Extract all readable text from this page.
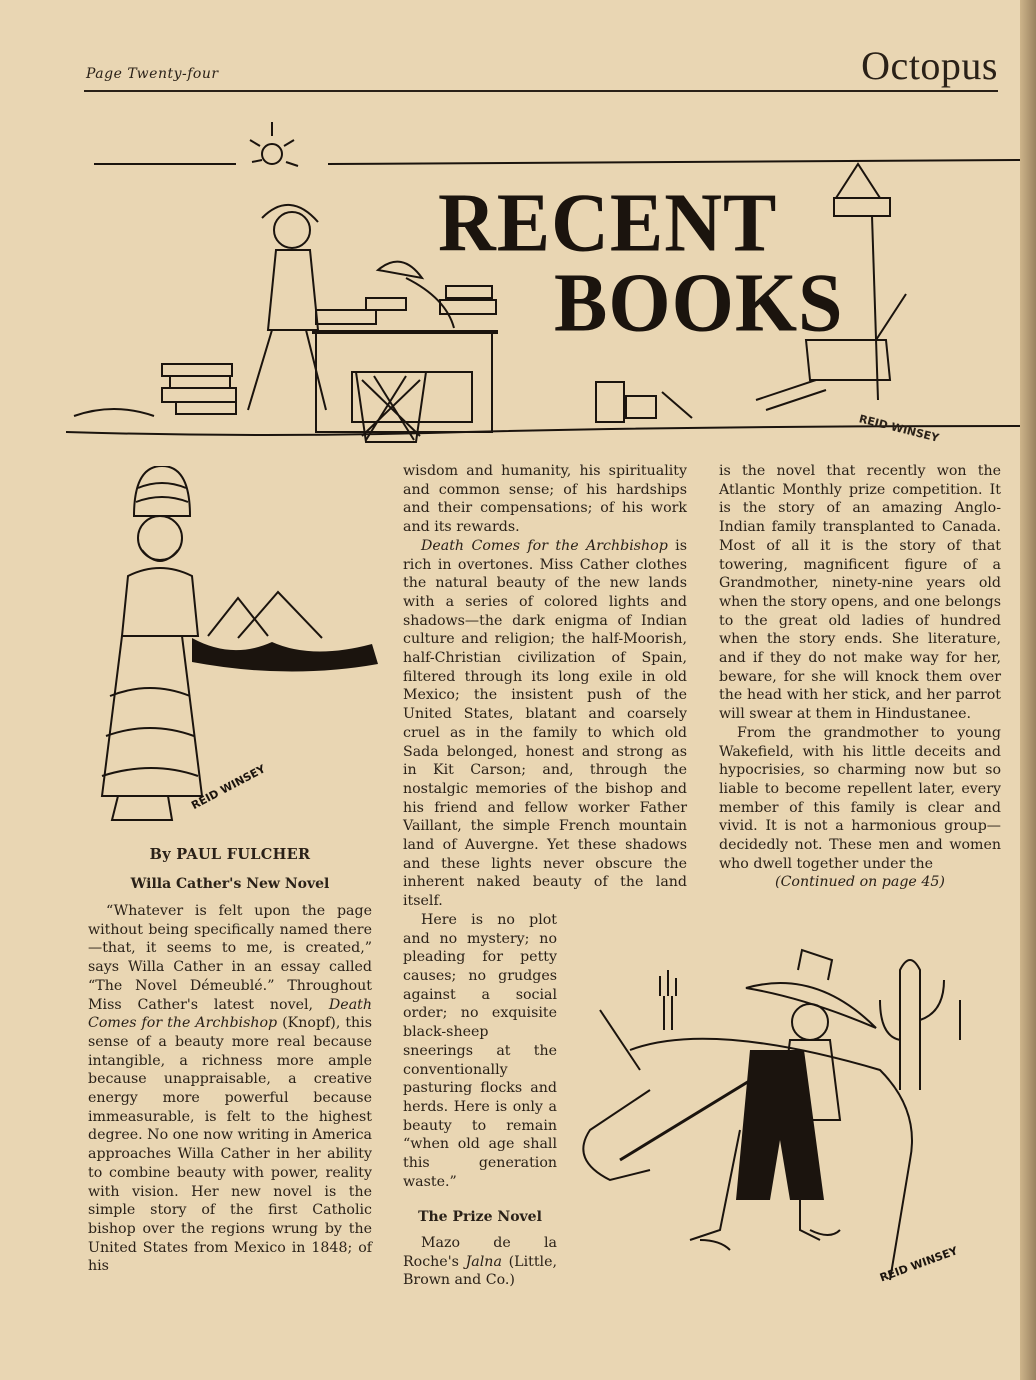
Page Twenty-four	Octopus
RECENT
BOOKS
REID WINSEY
REID WINSEY
By PAUL FULCHER
Willa Cather's New Novel

“Whatever is felt upon the page without being specifically named there—that, it seems to me, is created,” says Willa Cather in an essay called “The Novel Démeublé.” Throughout Miss Cather's latest novel, Death Comes for the Archbishop (Knopf), this sense of a beauty more real because intangible, a richness more ample because unappraisable, a creative energy more powerful because immeasurable, is felt to the highest degree. No one now writing in America approaches Willa Cather in her ability to combine beauty with power, reality with vision. Her new novel is the simple story of the first Catholic bishop over the regions wrung by the United States from Mexico in 1848; of his

wisdom and humanity, his spirituality and common sense; of his hardships and their compensations; of his work and its rewards.

Death Comes for the Archbishop is rich in overtones. Miss Cather clothes the natural beauty of the new lands with a series of colored lights and shadows—the dark enigma of Indian culture and religion; the half-Moorish, half-Christian civilization of Spain, filtered through its long exile in old Mexico; the insistent push of the United States, blatant and coarsely cruel as in the family to which old Sada belonged, honest and strong as in Kit Carson; and, through the nostalgic memories of the bishop and his friend and fellow worker Father Vaillant, the simple French mountain land of Auvergne. Yet these shadows and these lights never obscure the inherent naked beauty of the land itself.

Here is no plot and no mystery; no pleading for petty causes; no grudges against a social order; no exquisite black-sheep sneerings at the conventionally pasturing flocks and herds. Here is only a beauty to remain “when old age shall this generation waste.”

The Prize Novel

Mazo de la Roche's Jalna (Little, Brown and Co.)

is the novel that recently won the Atlantic Monthly prize competition. It is the story of an amazing Anglo-Indian family transplanted to Canada. Most of all it is the story of that towering, magnificent figure of a Grandmother, ninety-nine years old when the story opens, and one belongs to the great old ladies of hundred when the story ends. She literature, and if they do not make way for her, beware, for she will knock them over the head with her stick, and her parrot will swear at them in Hindustanee.

From the grandmother to young Wakefield, with his little deceits and hypocrisies, so charming now but so liable to become repellent later, every member of this family is clear and vivid. It is not a harmonious group—decidedly not. These men and women who dwell together under the

(Continued on page 45)

REID WINSEY
